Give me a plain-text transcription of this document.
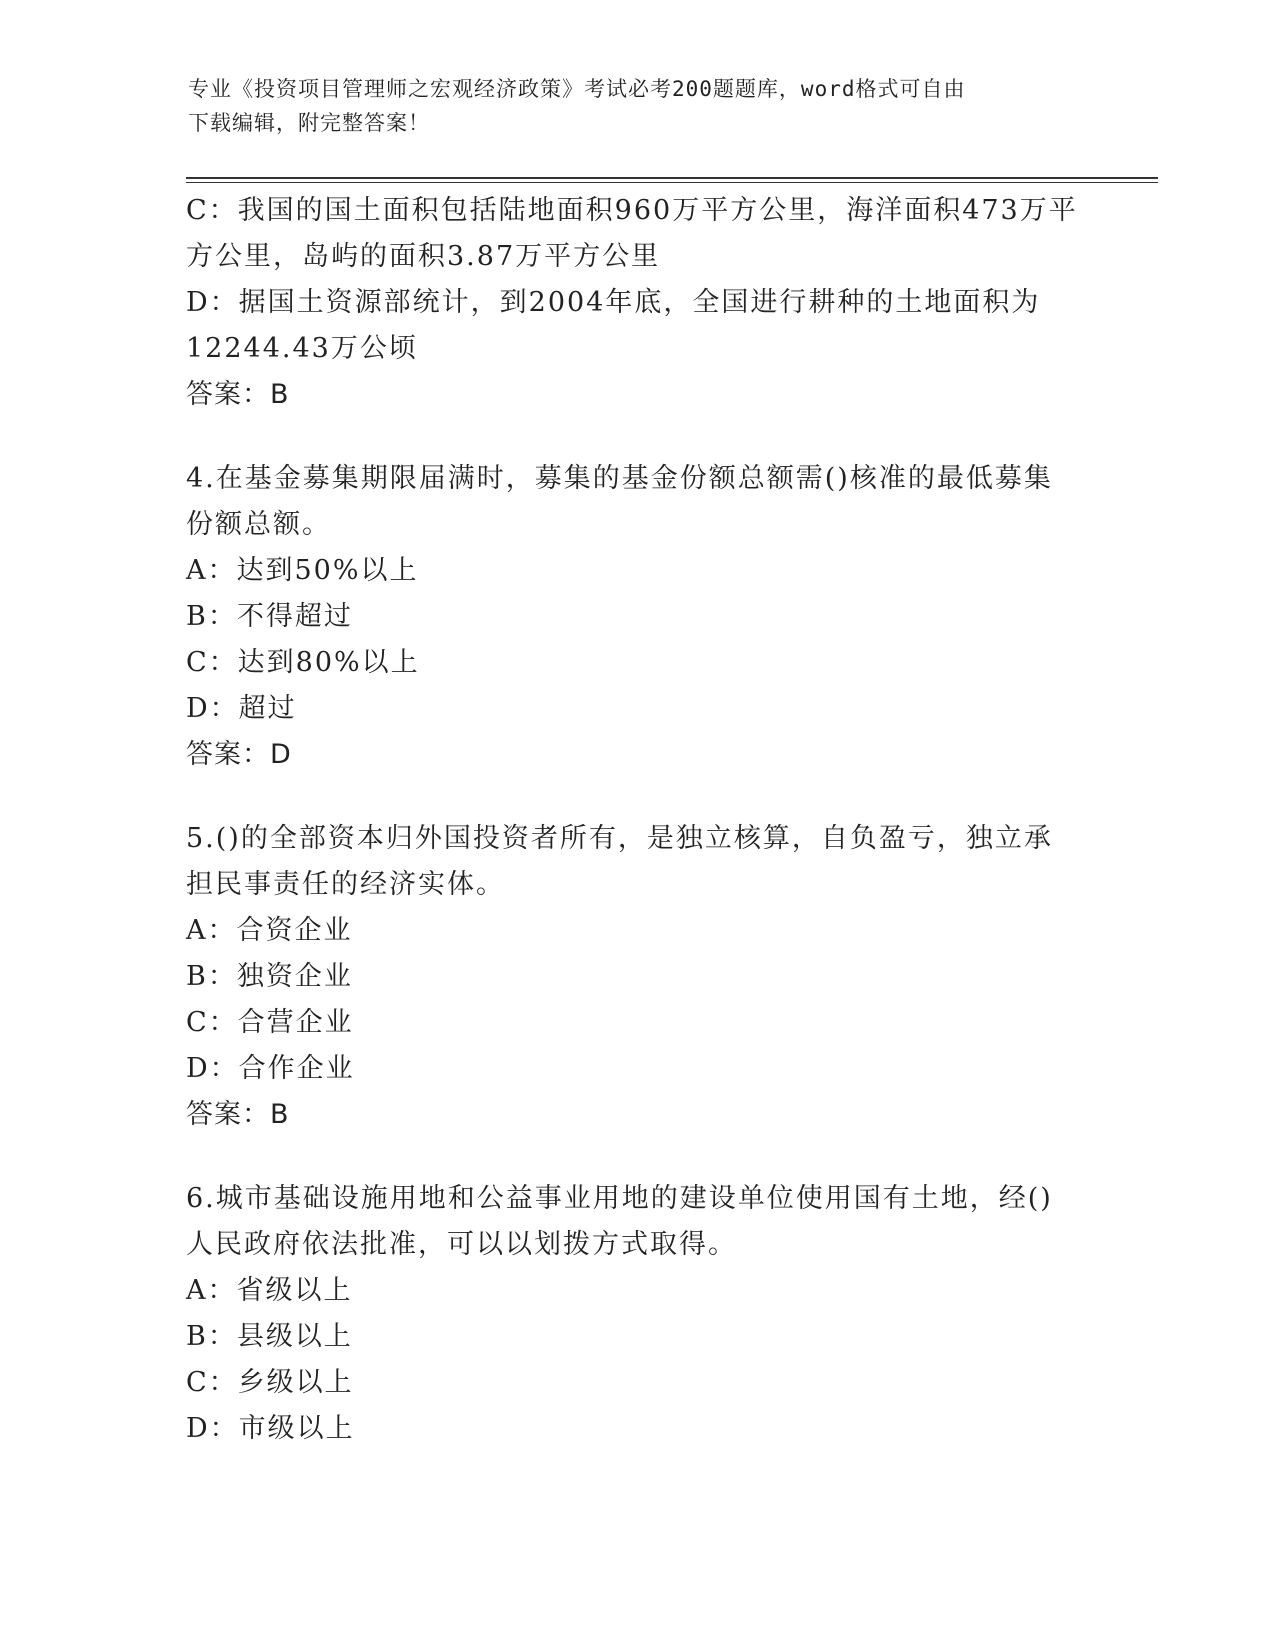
专业《投资项目管理师之宏观经济政策》考试必考200题题库，word格式可自由
下载编辑，附完整答案！
C：我国的国土面积包括陆地面积960万平方公里，海洋面积473万平
方公里，岛屿的面积3.87万平方公里
D：据国土资源部统计，到2004年底，全国进行耕种的土地面积为
12244.43万公顷
答案：B
4.在基金募集期限届满时，募集的基金份额总额需()核准的最低募集
份额总额。
A：达到50%以上
B：不得超过
C：达到80%以上
D：超过
答案：D
5.()的全部资本归外国投资者所有，是独立核算，自负盈亏，独立承
担民事责任的经济实体。
A：合资企业
B：独资企业
C：合营企业
D：合作企业
答案：B
6.城市基础设施用地和公益事业用地的建设单位使用国有土地，经()
人民政府依法批准，可以以划拨方式取得。
A：省级以上
B：县级以上
C：乡级以上
D：市级以上
